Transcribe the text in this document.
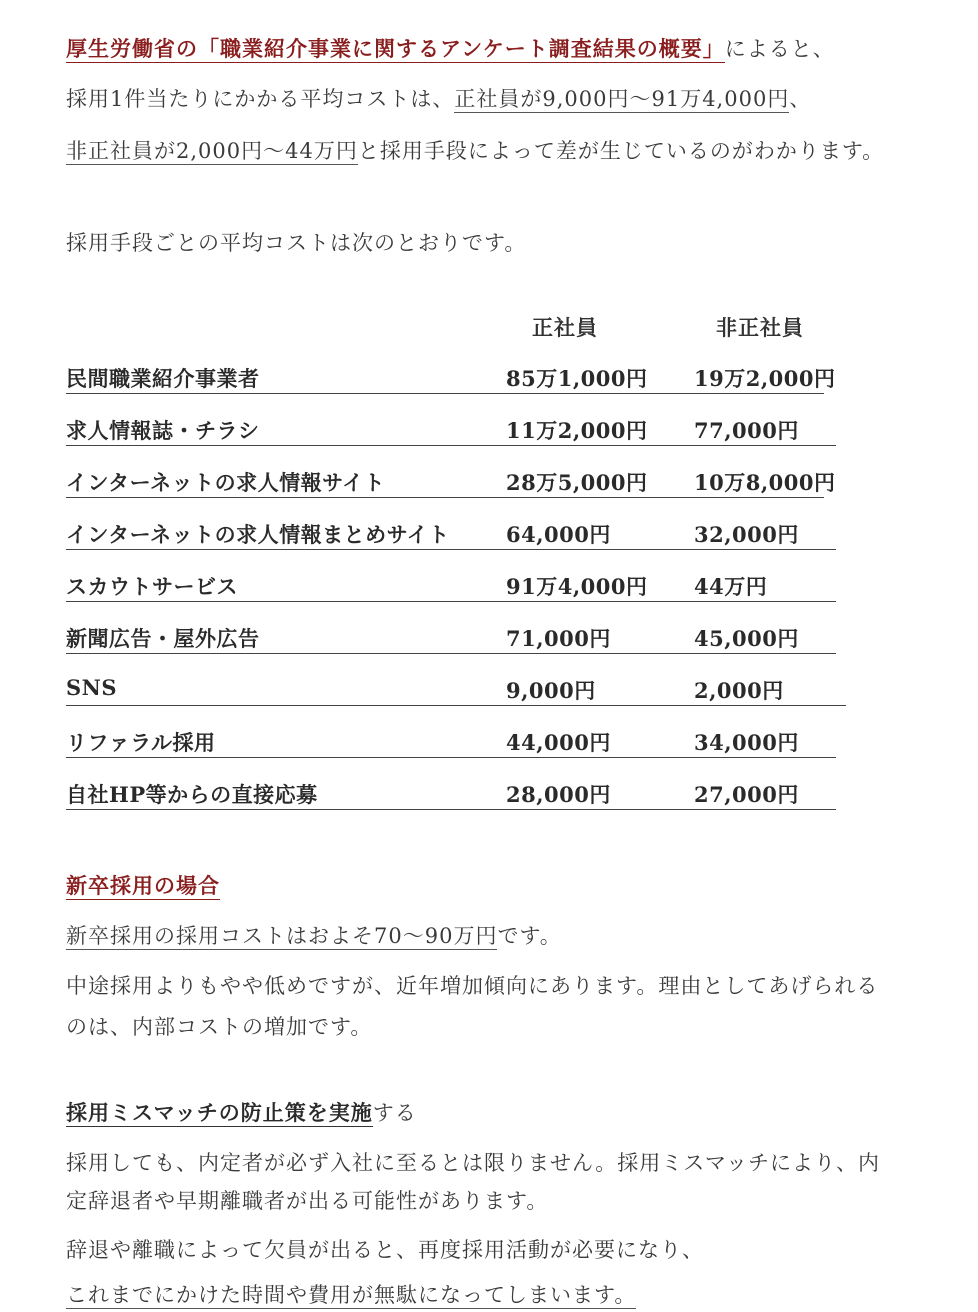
厚生労働省の「職業紹介事業に関するアンケート調査結果の概要」によると、
採用1件当たりにかかる平均コストは、正社員が9,000円〜91万4,000円、
非正社員が2,000円〜44万円と採用手段によって差が生じているのがわかります。
採用手段ごとの平均コストは次のとおりです。
正社員	非正社員
民間職業紹介事業者	85万1,000円 19万2,000円
求人情報誌・チラシ	11万2,000円 77,000円
インターネットの求人情報サイト	28万5,000円 10万8,000円
インターネットの求人情報まとめサイト	64,000円	32,000円
スカウトサービス	91万4,000円 44万円
新聞広告・屋外広告	71,000円	45,000円
SNS	9,000円	2,000円
リファラル採用	44,000円	34,000円
自社HP等からの直接応募	28,000円	27,000円
新卒採用の場合
新卒採用の採用コストはおよそ70〜90万円です。
中途採用よりもやや低めですが、近年増加傾向にあります。理由としてあげられる
のは、内部コストの増加です。
採用ミスマッチの防止策を実施する
採用しても、内定者が必ず入社に至るとは限りません。採用ミスマッチにより、内
定辞退者や早期離職者が出る可能性があります。
辞退や離職によって欠員が出ると、再度採用活動が必要になり、
これまでにかけた時間や費用が無駄になってしまいます。
